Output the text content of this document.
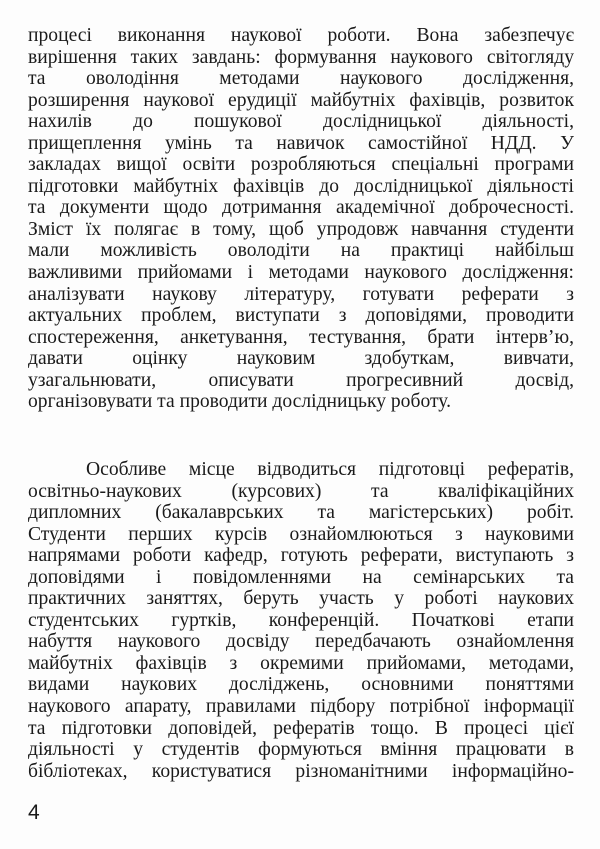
процесі виконання наукової роботи. Вона забезпечує
вирішення таких завдань: формування наукового світогляду
та оволодіння методами наукового дослідження,
розширення наукової ерудиції майбутніх фахівців, розвиток
нахилів до пошукової дослідницької діяльності,
прищеплення умінь та навичок самостійної НДД. У
закладах вищої освіти розробляються спеціальні програми
підготовки майбутніх фахівців до дослідницької діяльності
та документи щодо дотримання академічної доброчесності.
Зміст їх полягає в тому, щоб упродовж навчання студенти
мали можливість оволодіти на практиці найбільш
важливими прийомами і методами наукового дослідження:
аналізувати наукову літературу, готувати реферати з
актуальних проблем, виступати з доповідями, проводити
спостереження, анкетування, тестування, брати інтерв’ю,
давати оцінку науковим здобуткам, вивчати,
узагальнювати, описувати прогресивний досвід,
організовувати та проводити дослідницьку роботу.
Особливе місце відводиться підготовці рефератів,
освітньо-наукових (курсових) та кваліфікаційних
дипломних (бакалаврських та магістерських) робіт.
Студенти перших курсів ознайомлюються з науковими
напрямами роботи кафедр, готують реферати, виступають з
доповідями і повідомленнями на семінарських та
практичних заняттях, беруть участь у роботі наукових
студентських гуртків, конференцій. Початкові етапи
набуття наукового досвіду передбачають ознайомлення
майбутніх фахівців з окремими прийомами, методами,
видами наукових досліджень, основними поняттями
наукового апарату, правилами підбору потрібної інформації
та підготовки доповідей, рефератів тощо. В процесі цієї
діяльності у студентів формуються вміння працювати в
бібліотеках, користуватися різноманітними інформаційно-
4
